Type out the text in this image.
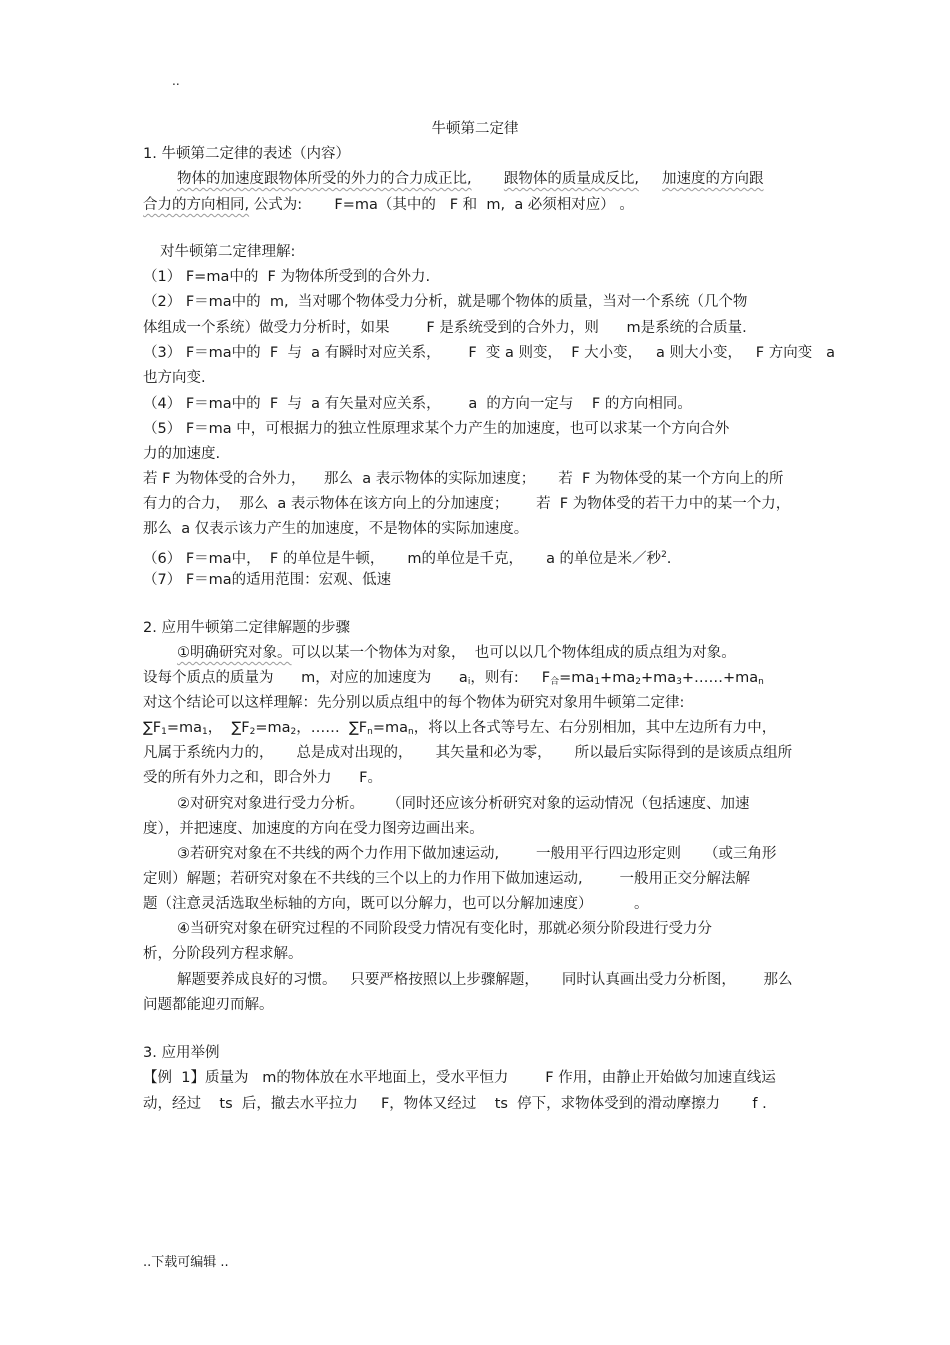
..
牛顿第二定律
1. 牛顿第二定律的表述（内容）
物体的加速度跟物体所受的外力的合力成正比, 跟物体的质量成反比, 加速度的方向跟
合力的方向相同, 公式为:       F=ma（其中的   F 和  m,  a 必须相对应） 。
对牛顿第二定律理解:
（1） F=ma中的  F 为物体所受到的合外力.
（2） F＝ma中的  m,  当对哪个物体受力分析，就是哪个物体的质量，当对一个系统（几个物
体组成一个系统）做受力分析时，如果        F 是系统受到的合外力，则      m是系统的合质量.
（3） F＝ma中的  F  与  a 有瞬时对应关系，      F  变 a 则变，  F 大小变，   a 则大小变，   F 方向变   a
也方向变.
（4） F＝ma中的  F  与  a 有矢量对应关系，      a  的方向一定与    F 的方向相同。
（5） F＝ma 中，可根据力的独立性原理求某个力产生的加速度，也可以求某一个方向合外
力的加速度.
若 F 为物体受的合外力，    那么  a 表示物体的实际加速度；     若  F 为物体受的某一个方向上的所
有力的合力，  那么  a 表示物体在该方向上的分加速度；      若  F 为物体受的若干力中的某一个力，
那么  a 仅表示该力产生的加速度，不是物体的实际加速度。
（6） F＝ma中，  F 的单位是牛顿，     m的单位是千克，     a 的单位是米／秒$^2$.
（7） F＝ma的适用范围：宏观、低速
2. 应用牛顿第二定律解题的步骤
①明确研究对象。可以以某一个物体为对象，  也可以以几个物体组成的质点组为对象。
设每个质点的质量为      m，对应的加速度为      $a_i$，则有:     $F_合=ma_1+ma_2+ma_3+\dots\dots+ma_n$
对这个结论可以这样理解：先分别以质点组中的每个物体为研究对象用牛顿第二定律:
$\sum F_1=ma_1$，  $\sum F_2=ma_2$，……  $\sum F_n=ma_n$，将以上各式等号左、右分别相加，其中左边所有力中，
凡属于系统内力的，     总是成对出现的，     其矢量和必为零，     所以最后实际得到的是该质点组所
受的所有外力之和，即合外力      F。
②对研究对象进行受力分析。     （同时还应该分析研究对象的运动情况（包括速度、加速
度），并把速度、加速度的方向在受力图旁边画出来。
③若研究对象在不共线的两个力作用下做加速运动,        一般用平行四边形定则     （或三角形
定则）解题；若研究对象在不共线的三个以上的力作用下做加速运动,        一般用正交分解法解
题（注意灵活选取坐标轴的方向，既可以分解力，也可以分解加速度）         。
④当研究对象在研究过程的不同阶段受力情况有变化时，那就必须分阶段进行受力分
析，分阶段列方程求解。
解题要养成良好的习惯。   只要严格按照以上步骤解题，     同时认真画出受力分析图，      那么
问题都能迎刃而解。
3. 应用举例
【例  1】质量为   m的物体放在水平地面上，受水平恒力        F 作用，由静止开始做匀加速直线运
动，经过    ts  后，撤去水平拉力     F，物体又经过    ts  停下，求物体受到的滑动摩擦力       f .
..下载可编辑 ..
